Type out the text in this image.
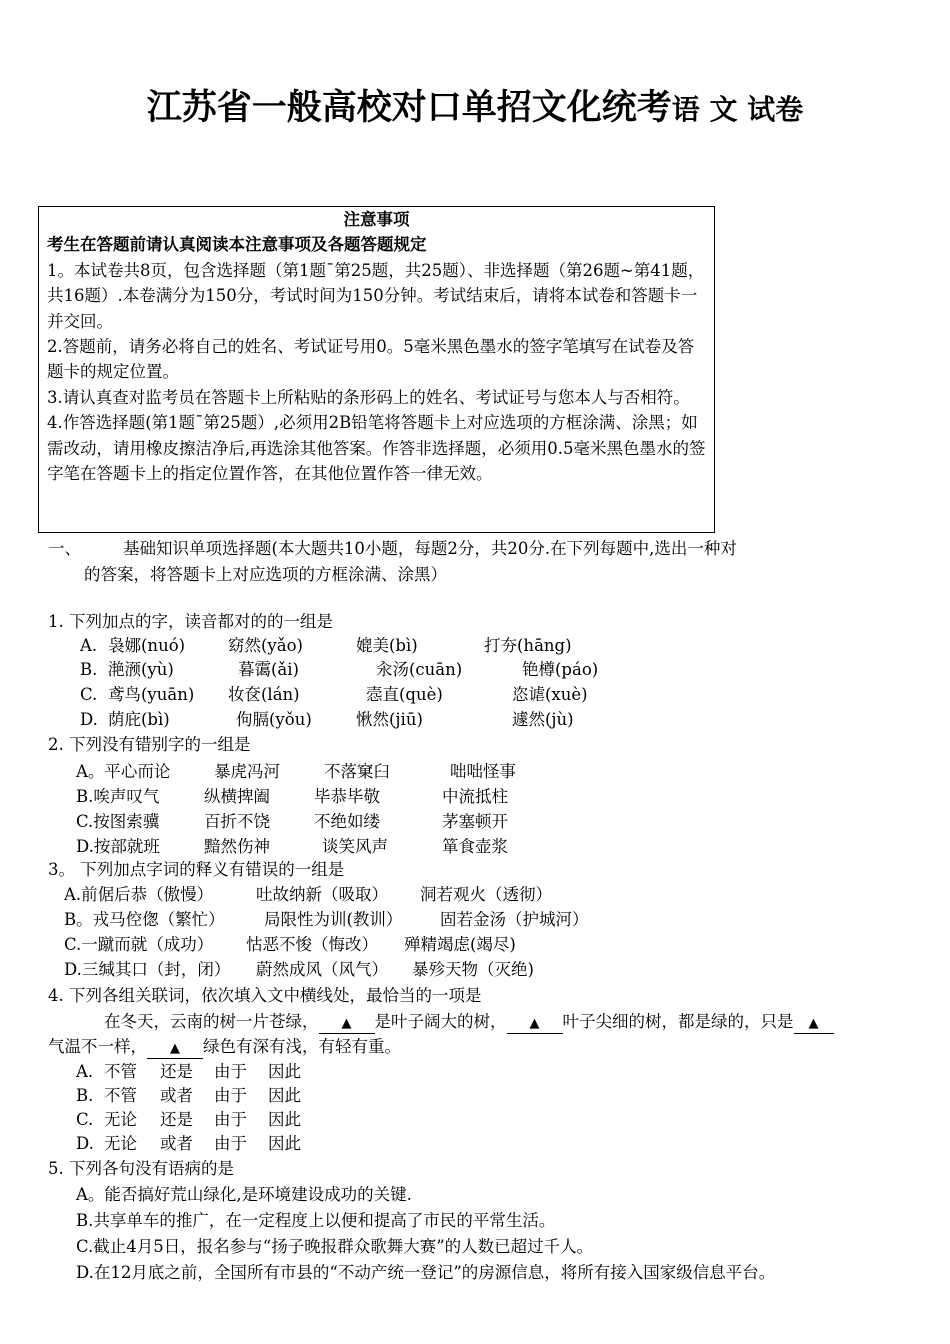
江苏省一般高校对口单招文化统考语 文 试卷

注意事项

考生在答题前请认真阅读本注意事项及各题答题规定

1。本试卷共8页，包含选择题（第1题¯第25题，共25题）、非选择题（第26题~第41题，共16题）.本卷满分为150分，考试时间为150分钟。考试结束后，请将本试卷和答题卡一并交回。

2.答题前，请务必将自己的姓名、考试证号用0。5毫米黑色墨水的签字笔填写在试卷及答题卡的规定位置。

3.请认真查对监考员在答题卡上所粘贴的条形码上的姓名、考试证号与您本人与否相符。

4.作答选择题(第1题¯第25题）,必须用2B铅笔将答题卡上对应选项的方框涂满、涂黑；如需改动，请用橡皮擦洁净后,再选涂其他答案。作答非选择题，必须用0.5毫米黑色墨水的签字笔在答题卡上的指定位置作答，在其他位置作答一律无效。

一、	基础知识单项选择题(本大题共10小题，每题2分，共20分.在下列每题中,选出一种对
的答案，将答题卡上对应选项的方框涂满、涂黑）
1. 下列加点的字，读音都对的的一组是
A. 袅娜(nuó)	窈然(yǎo)	媲美(bì)	打夯(hāng)
B. 滟滪(yù)	暮霭(ǎi)	汆汤(cuān)	铯樽(páo)
C. 鸢鸟(yuān) 妆奁(lán)	悫直(què)	恣谑(xuè)
D. 荫庇(bì)	佝膈(yǒu)	愀然(jiū)	遽然(jù)
2. 下列没有错别字的一组是
A。平心而论	暴虎冯河	不落窠臼	咄咄怪事
B.唉声叹气	纵横捭阖	毕恭毕敬	中流抵柱
C.按图索骥	百折不饶	不绝如缕	茅塞顿开
D.按部就班	黯然伤神	谈笑风声	箪食壶浆
3。 下列加点字词的释义有错误的一组是
A.前倨后恭（傲慢）	吐故纳新（吸取） 洞若观火（透彻）
B。戎马倥偬（繁忙） 局限性为训(教训） 固若金汤（护城河）
C.一蹴而就（成功） 怙恶不悛（悔改） 殚精竭虑(竭尽)
D.三缄其口（封，闭） 蔚然成风（风气） 暴殄天物（灭绝)
4. 下列各组关联词，依次填入文中横线处，最恰当的一项是
在冬天，云南的树一片苍绿， ▲ 是叶子阔大的树， ▲ 叶子尖细的树，都是绿的，只是 ▲
气温不一样， ▲ 绿色有深有浅，有轻有重。
A. 不管 还是 由于 因此
B. 不管 或者 由于 因此
C. 无论 还是 由于 因此
D. 无论 或者 由于 因此
5. 下列各句没有语病的是
A。能否搞好荒山绿化,是环境建设成功的关键.
B.共享单车的推广，在一定程度上以便和提高了市民的平常生活。
C.截止4月5日，报名参与“扬子晚报群众歌舞大赛”的人数已超过千人。
D.在12月底之前，全国所有市县的“不动产统一登记”的房源信息，将所有接入国家级信息平台。
